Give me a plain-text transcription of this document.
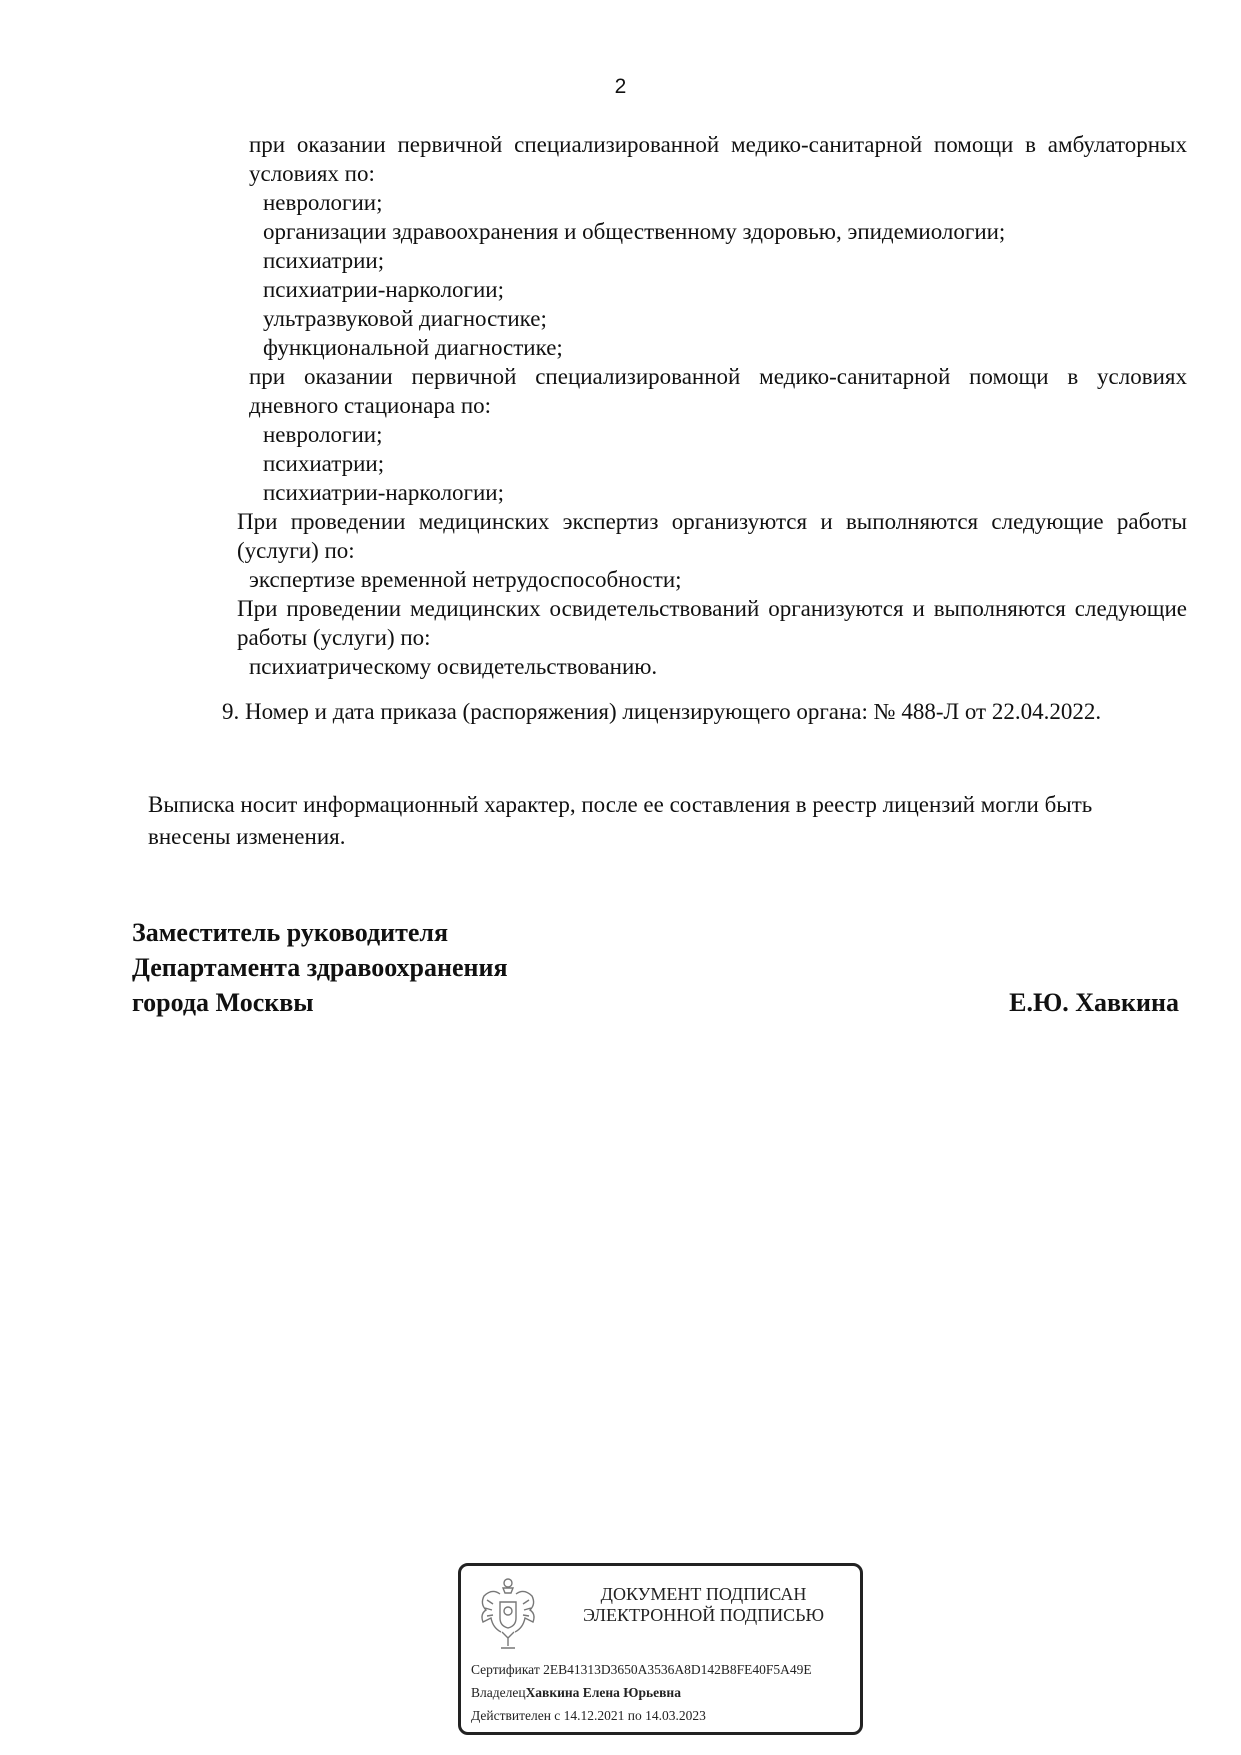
2

при оказании первичной специализированной медико-санитарной помощи в амбулаторных условиях по:

неврологии;

организации здравоохранения и общественному здоровью, эпидемиологии;

психиатрии;

психиатрии-наркологии;

ультразвуковой диагностике;

функциональной диагностике;

при оказании первичной специализированной медико-санитарной помощи в условиях дневного стационара по:

неврологии;

психиатрии;

психиатрии-наркологии;

При проведении медицинских экспертиз организуются и выполняются следующие работы (услуги) по:

экспертизе временной нетрудоспособности;

При проведении медицинских освидетельствований организуются и выполняются следующие работы (услуги) по:

психиатрическому освидетельствованию.

9. Номер и дата приказа (распоряжения) лицензирующего органа: № 488-Л от 22.04.2022.

Выписка носит информационный характер, после ее составления в реестр лицензий могли быть

внесены изменения.

Заместитель руководителя
Департамента здравоохранения
города Москвы	Е.Ю. Хавкина
ДОКУМЕНТ ПОДПИСАН
ЭЛЕКТРОННОЙ ПОДПИСЬЮ
Сертификат 2EB41313D3650A3536A8D142B8FE40F5A49E
ВладелецХавкина Елена Юрьевна
Действителен с 14.12.2021 по 14.03.2023
